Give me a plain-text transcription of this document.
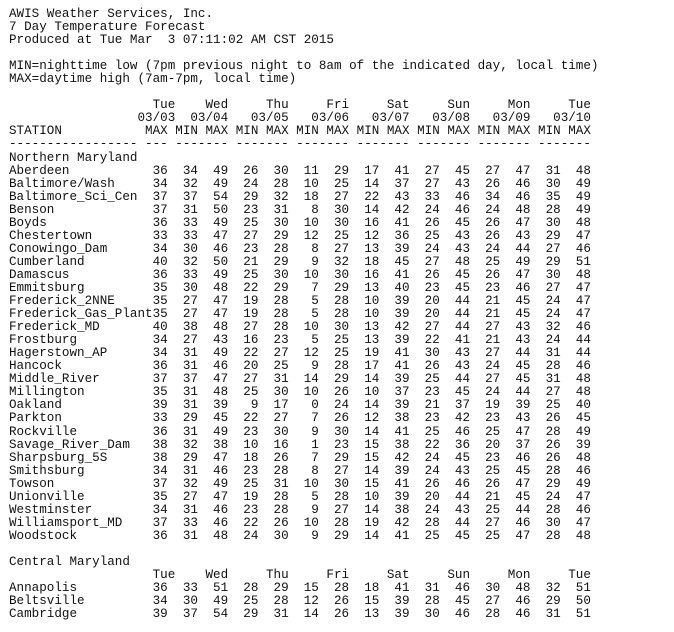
AWIS Weather Services, Inc.
7 Day Temperature Forecast
Produced at Tue Mar  3 07:11:02 AM CST 2015

MIN=nighttime low (7pm previous night to 8am of the indicated day, local time)
MAX=daytime high (7am-7pm, local time)

Tue    Wed     Thu     Fri     Sat     Sun     Mon     Tue
03/03  03/04   03/05   03/06   03/07   03/08   03/09   03/10
STATION           MAX MIN MAX MIN MAX MIN MAX MIN MAX MIN MAX MIN MAX MIN MAX
----------------- --- ------- ------- ------- ------- ------- ------- -------
Northern Maryland
Aberdeen           36  34  49  26  30  11  29  17  41  27  45  27  47  31  48
Baltimore/Wash     34  32  49  24  28  10  25  14  37  27  43  26  46  30  49
Baltimore_Sci_Cen  37  37  54  29  32  18  27  22  43  33  46  34  46  35  49
Benson             37  31  50  23  31   8  30  14  42  24  46  24  48  28  49
Boyds              36  33  49  25  30  10  30  16  41  26  45  26  47  30  48
Chestertown        33  33  47  27  29  12  25  12  36  25  43  26  43  29  47
Conowingo_Dam      34  30  46  23  28   8  27  13  39  24  43  24  44  27  46
Cumberland         40  32  50  21  29   9  32  18  45  27  48  25  49  29  51
Damascus           36  33  49  25  30  10  30  16  41  26  45  26  47  30  48
Emmitsburg         35  30  48  22  29   7  29  13  40  23  45  23  46  27  47
Frederick_2NNE     35  27  47  19  28   5  28  10  39  20  44  21  45  24  47
Frederick_Gas_Plant35  27  47  19  28   5  28  10  39  20  44  21  45  24  47
Frederick_MD       40  38  48  27  28  10  30  13  42  27  44  27  43  32  46
Frostburg          34  27  43  16  23   5  25  13  39  22  41  21  43  24  44
Hagerstown_AP      34  31  49  22  27  12  25  19  41  30  43  27  44  31  44
Hancock            36  31  46  20  25   9  28  17  41  26  43  24  45  28  46
Middle_River       37  37  47  27  31  14  29  14  39  25  44  27  45  31  48
Millington         35  31  48  25  30  10  26  10  37  23  45  24  44  27  48
Oakland            39  31  39   9  17   0  24  14  39  21  37  19  39  25  40
Parkton            33  29  45  22  27   7  26  12  38  23  42  23  43  26  45
Rockville          36  31  49  23  30   9  30  14  41  25  46  25  47  28  49
Savage_River_Dam   38  32  38  10  16   1  23  15  38  22  36  20  37  26  39
Sharpsburg_5S      38  29  47  18  26   7  29  15  42  24  45  23  46  26  48
Smithsburg         34  31  46  23  28   8  27  14  39  24  43  25  45  28  46
Towson             37  32  49  25  31  10  30  15  41  26  46  26  47  29  49
Unionville         35  27  47  19  28   5  28  10  39  20  44  21  45  24  47
Westminster        34  31  46  23  28   9  27  14  38  24  43  25  44  28  46
Williamsport_MD    37  33  46  22  26  10  28  19  42  28  44  27  46  30  47
Woodstock          36  31  48  24  30   9  29  14  41  25  45  25  47  28  48

Central Maryland
Tue    Wed     Thu     Fri     Sat     Sun     Mon     Tue
Annapolis          36  33  51  28  29  15  28  18  41  31  46  30  48  32  51
Beltsville         34  30  49  25  28  12  26  15  39  28  45  27  46  29  50
Cambridge          39  37  54  29  31  14  26  13  39  30  46  28  46  31  51
